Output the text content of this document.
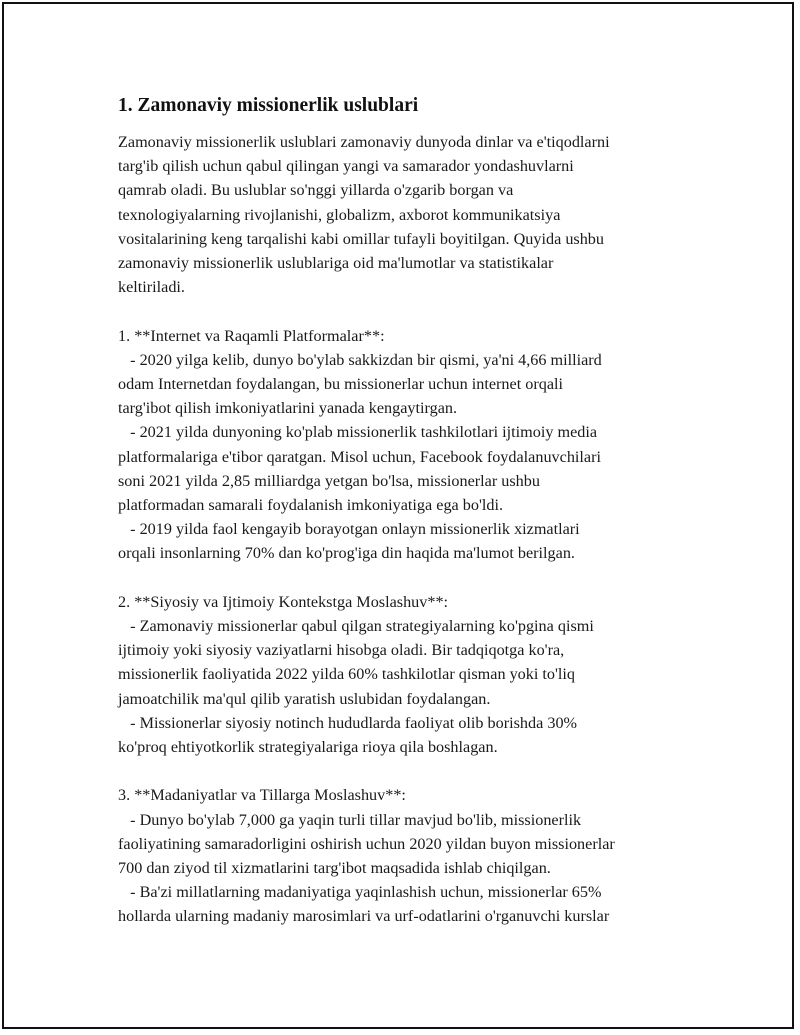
1. Zamonaviy missionerlik uslublari
Zamonaviy missionerlik uslublari zamonaviy dunyoda dinlar va e'tiqodlarni
targ'ib qilish uchun qabul qilingan yangi va samarador yondashuvlarni
qamrab oladi. Bu uslublar so'nggi yillarda o'zgarib borgan va
texnologiyalarning rivojlanishi, globalizm, axborot kommunikatsiya
vositalarining keng tarqalishi kabi omillar tufayli boyitilgan. Quyida ushbu
zamonaviy missionerlik uslublariga oid ma'lumotlar va statistikalar
keltiriladi.
1. **Internet va Raqamli Platformalar**:
- 2020 yilga kelib, dunyo bo'ylab sakkizdan bir qismi, ya'ni 4,66 milliard
odam Internetdan foydalangan, bu missionerlar uchun internet orqali
targ'ibot qilish imkoniyatlarini yanada kengaytirgan.
- 2021 yilda dunyoning ko'plab missionerlik tashkilotlari ijtimoiy media
platformalariga e'tibor qaratgan. Misol uchun, Facebook foydalanuvchilari
soni 2021 yilda 2,85 milliardga yetgan bo'lsa, missionerlar ushbu
platformadan samarali foydalanish imkoniyatiga ega bo'ldi.
- 2019 yilda faol kengayib borayotgan onlayn missionerlik xizmatlari
orqali insonlarning 70% dan ko'prog'iga din haqida ma'lumot berilgan.
2. **Siyosiy va Ijtimoiy Kontekstga Moslashuv**:
- Zamonaviy missionerlar qabul qilgan strategiyalarning ko'pgina qismi
ijtimoiy yoki siyosiy vaziyatlarni hisobga oladi. Bir tadqiqotga ko'ra,
missionerlik faoliyatida 2022 yilda 60% tashkilotlar qisman yoki to'liq
jamoatchilik ma'qul qilib yaratish uslubidan foydalangan.
- Missionerlar siyosiy notinch hududlarda faoliyat olib borishda 30%
ko'proq ehtiyotkorlik strategiyalariga rioya qila boshlagan.
3. **Madaniyatlar va Tillarga Moslashuv**:
- Dunyo bo'ylab 7,000 ga yaqin turli tillar mavjud bo'lib, missionerlik
faoliyatining samaradorligini oshirish uchun 2020 yildan buyon missionerlar
700 dan ziyod til xizmatlarini targ'ibot maqsadida ishlab chiqilgan.
- Ba'zi millatlarning madaniyatiga yaqinlashish uchun, missionerlar 65%
hollarda ularning madaniy marosimlari va urf-odatlarini o'rganuvchi kurslar
